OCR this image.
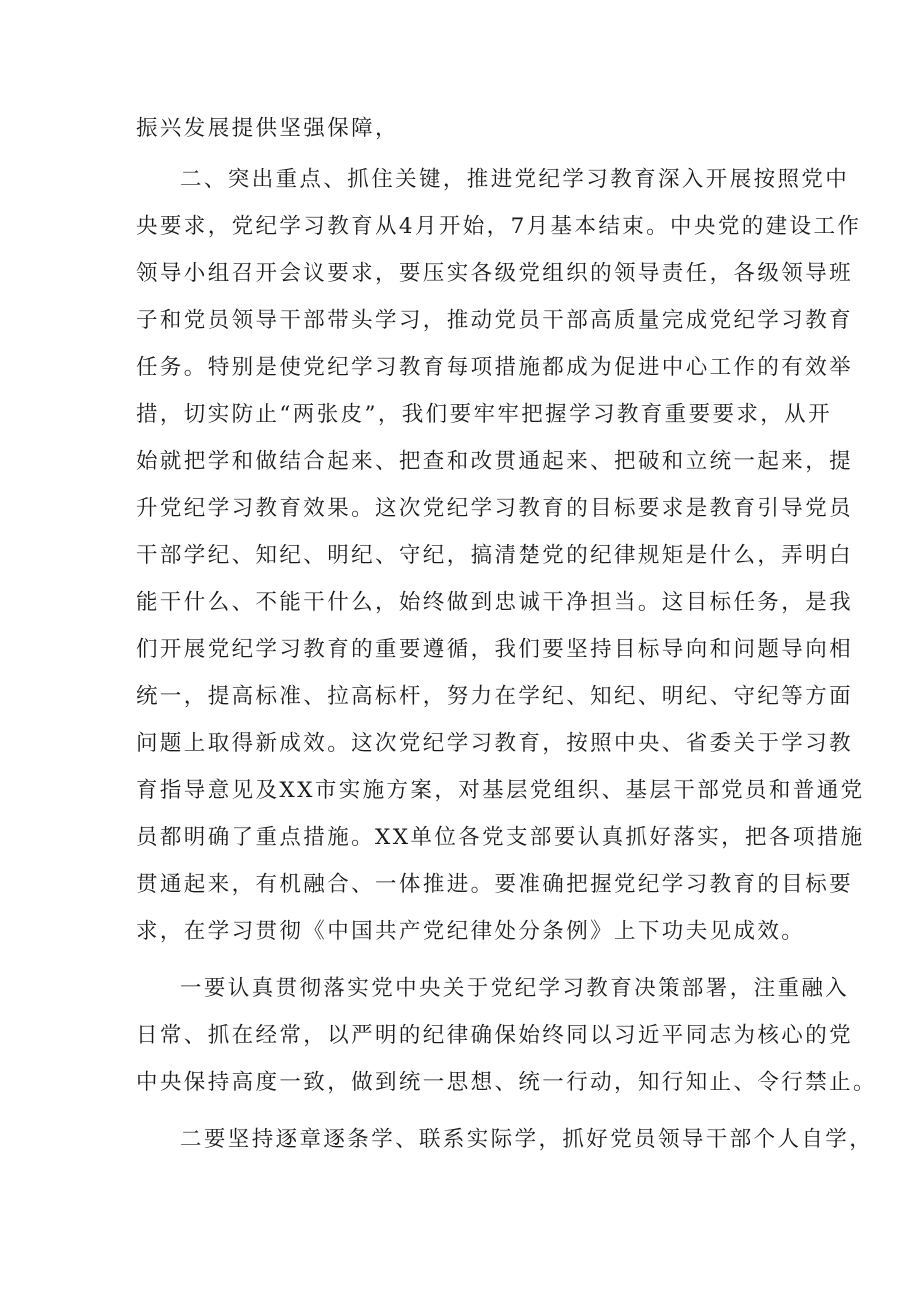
振兴发展提供坚强保障，
二、突出重点、抓住关键，推进党纪学习教育深入开展按照党中
央要求，党纪学习教育从4月开始，7月基本结束。中央党的建设工作
领导小组召开会议要求，要压实各级党组织的领导责任，各级领导班
子和党员领导干部带头学习，推动党员干部高质量完成党纪学习教育
任务。特别是使党纪学习教育每项措施都成为促进中心工作的有效举
措，切实防止“两张皮”，我们要牢牢把握学习教育重要要求，从开
始就把学和做结合起来、把查和改贯通起来、把破和立统一起来，提
升党纪学习教育效果。这次党纪学习教育的目标要求是教育引导党员
干部学纪、知纪、明纪、守纪，搞清楚党的纪律规矩是什么，弄明白
能干什么、不能干什么，始终做到忠诚干净担当。这目标任务，是我
们开展党纪学习教育的重要遵循，我们要坚持目标导向和问题导向相
统一，提高标准、拉高标杆，努力在学纪、知纪、明纪、守纪等方面
问题上取得新成效。这次党纪学习教育，按照中央、省委关于学习教
育指导意见及XX市实施方案，对基层党组织、基层干部党员和普通党
员都明确了重点措施。XX单位各党支部要认真抓好落实，把各项措施
贯通起来，有机融合、一体推进。要准确把握党纪学习教育的目标要
求，在学习贯彻《中国共产党纪律处分条例》上下功夫见成效。
一要认真贯彻落实党中央关于党纪学习教育决策部署，注重融入
日常、抓在经常，以严明的纪律确保始终同以习近平同志为核心的党
中央保持高度一致，做到统一思想、统一行动，知行知止、令行禁止。
二要坚持逐章逐条学、联系实际学，抓好党员领导干部个人自学，
